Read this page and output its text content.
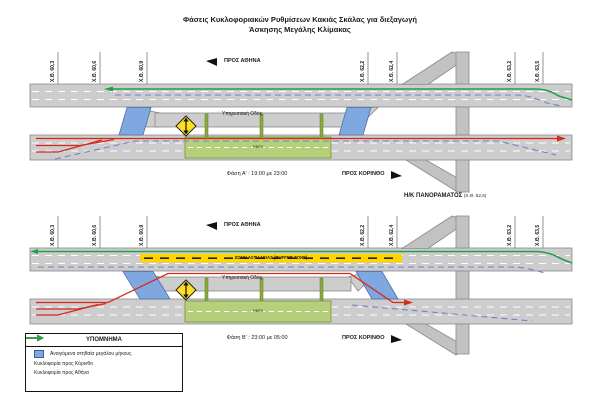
Φάσεις Κυκλοφοριακών Ρυθμίσεων Κακιάς Σκάλας για διεξαγωγή
Άσκησης Μεγάλης Κλίμακας
Χ.Θ. 60,3	Χ.Θ. 60,6	Χ.Θ. 60,9	Χ.Θ. 62,2	Χ.Θ. 62,4	Χ.Θ. 63,2	Χ.Θ. 63,5
ΠΡΟΣ ΑΘΗΝΑ
Υπηρεσιακή Οδός
ΝΕΡΑ
Φάση Α' : 19:00 με 23:00	ΠΡΟΣ ΚΟΡΙΝΘΟ
Η/Κ ΠΑΝΟΡΑΜΑΤΟΣ (Χ.Θ. 52,5)
Χ.Θ. 60,3	Χ.Θ. 60,6	Χ.Θ. 60,9	Χ.Θ. 62,2	Χ.Θ. 62,4	Χ.Θ. 63,2	Χ.Θ. 63,5
ΠΡΟΣ ΑΘΗΝΑ
ΖΩΝΗ ΑΣΦΑΛΕΙΑΣ (BUFFER ZONE)
Υπηρεσιακή Οδός
ΝΕΡΑ
Φάση Β' : 23:00 με 05:00	ΠΡΟΣ ΚΟΡΙΝΘΟ
ΥΠΟΜΝΗΜΑ
Ανοιγόμενα στηθαία μεγάλου μήκους
Κυκλοφορία προς Κόρινθο
Κυκλοφορία προς Αθήνα
